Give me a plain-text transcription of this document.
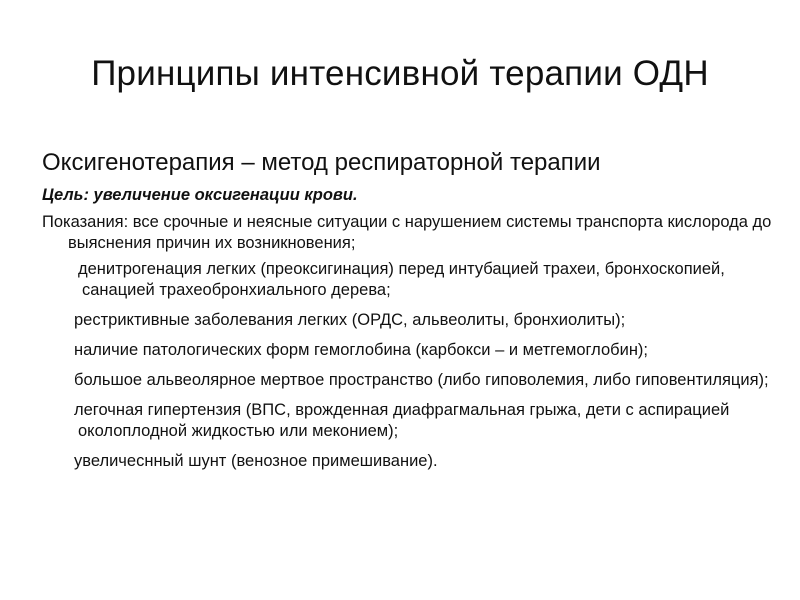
Принципы интенсивной терапии ОДН

Оксигенотерапия – метод респираторной терапии

Цель: увеличение оксигенации крови.

Показания: все срочные и неясные ситуации с нарушением системы транспорта кислорода до выяснения причин их возникновения;

денитрогенация легких (преоксигинация) перед интубацией трахеи, бронхоскопией, санацией трахеобронхиального дерева;

рестриктивные заболевания легких (ОРДС, альвеолиты, бронхиолиты);

наличие патологических форм гемоглобина (карбокси – и метгемоглобин);

большое альвеолярное мертвое пространство (либо гиповолемия, либо гиповентиляция);

легочная гипертензия (ВПС, врожденная диафрагмальная грыжа, дети с аспирацией околоплодной жидкостью или меконием);

увеличеснный шунт (венозное примешивание).
